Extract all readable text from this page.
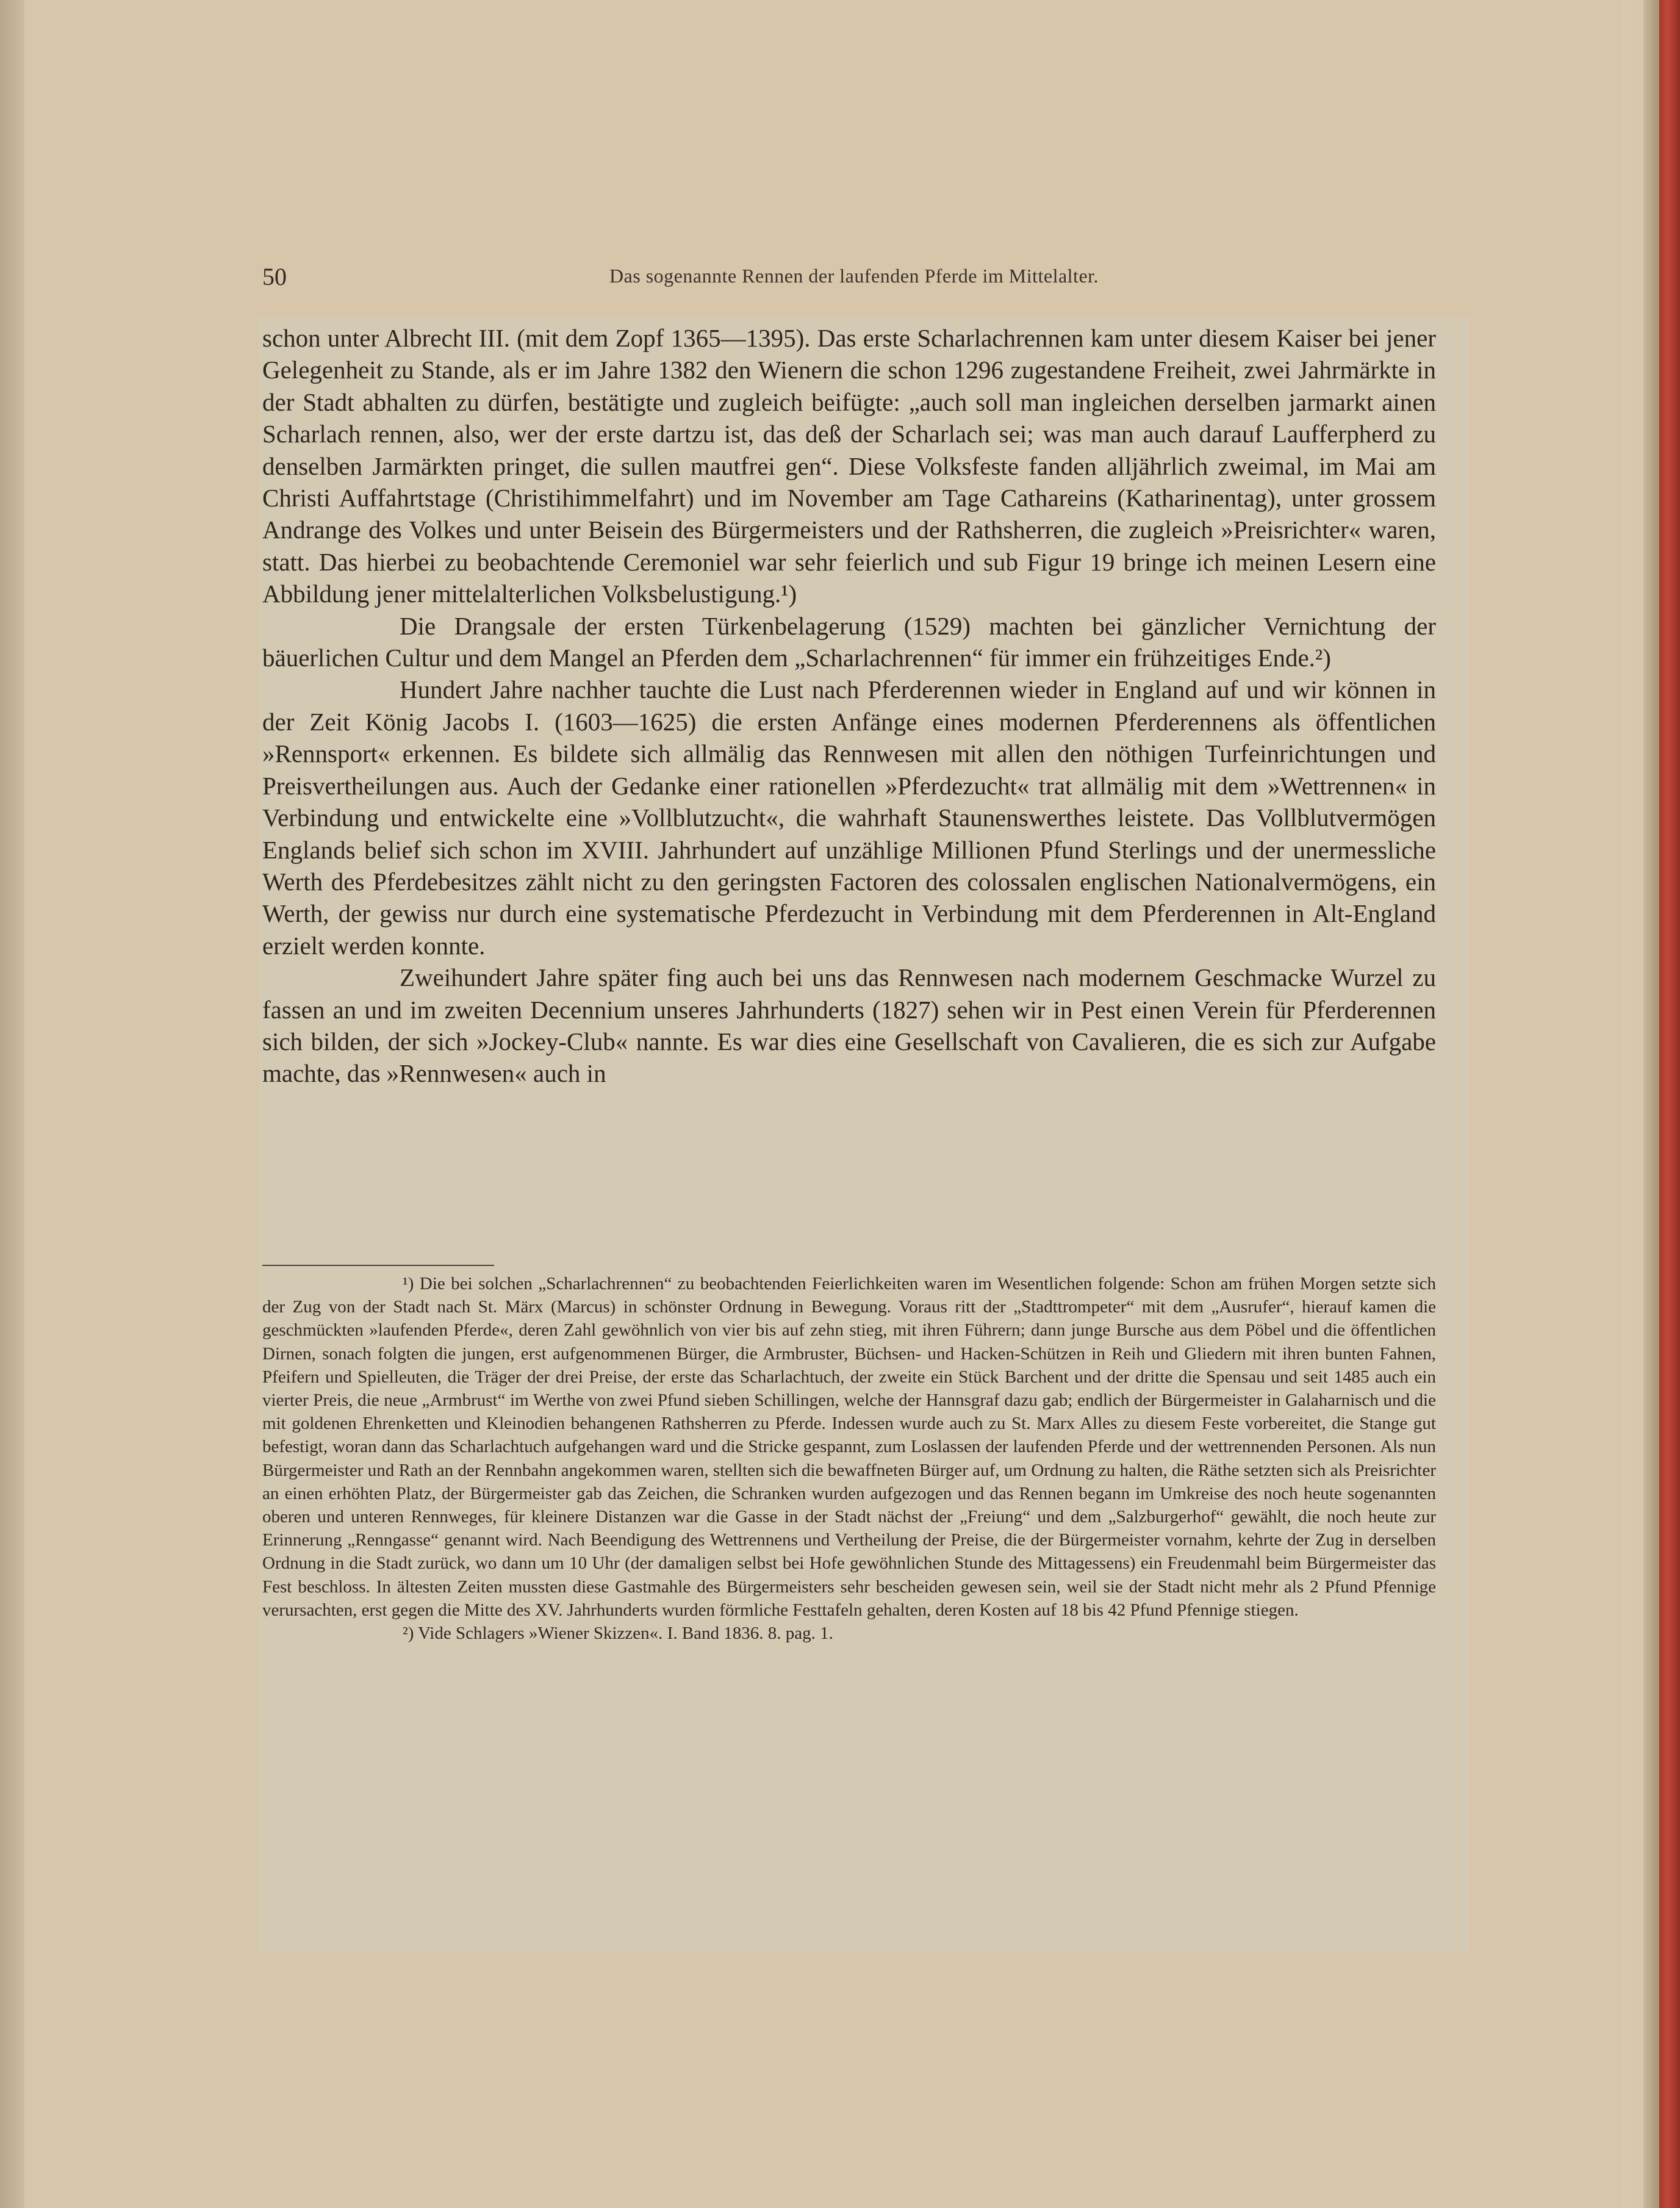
50	Das sogenannte Rennen der laufenden Pferde im Mittelalter.

schon unter Albrecht III. (mit dem Zopf 1365—1395). Das erste Scharlachrennen kam unter diesem Kaiser bei jener Gelegenheit zu Stande, als er im Jahre 1382 den Wienern die schon 1296 zugestandene Freiheit, zwei Jahrmärkte in der Stadt abhalten zu dürfen, bestätigte und zugleich beifügte: „auch soll man ingleichen derselben jarmarkt ainen Scharlach rennen, also, wer der erste dartzu ist, das deß der Scharlach sei; was man auch darauf Laufferpherd zu denselben Jarmärkten pringet, die sullen mautfrei gen“. Diese Volksfeste fanden alljährlich zweimal, im Mai am Christi Auffahrtstage (Christihimmelfahrt) und im November am Tage Cathareins (Katharinentag), unter grossem Andrange des Volkes und unter Beisein des Bürgermeisters und der Rathsherren, die zugleich »Preisrichter« waren, statt. Das hierbei zu beobachtende Ceremoniel war sehr feierlich und sub Figur 19 bringe ich meinen Lesern eine Abbildung jener mittelalterlichen Volksbelustigung.¹)

Die Drangsale der ersten Türkenbelagerung (1529) machten bei gänzlicher Vernichtung der bäuerlichen Cultur und dem Mangel an Pferden dem „Scharlachrennen“ für immer ein frühzeitiges Ende.²)

Hundert Jahre nachher tauchte die Lust nach Pferderennen wieder in England auf und wir können in der Zeit König Jacobs I. (1603—1625) die ersten Anfänge eines modernen Pferderennens als öffentlichen »Rennsport« erkennen. Es bildete sich allmälig das Rennwesen mit allen den nöthigen Turfeinrichtungen und Preisvertheilungen aus. Auch der Gedanke einer rationellen »Pferdezucht« trat allmälig mit dem »Wettrennen« in Verbindung und entwickelte eine »Vollblutzucht«, die wahrhaft Staunenswerthes leistete. Das Vollblutvermögen Englands belief sich schon im XVIII. Jahrhundert auf unzählige Millionen Pfund Sterlings und der unermessliche Werth des Pferdebesitzes zählt nicht zu den geringsten Factoren des colossalen englischen Nationalvermögens, ein Werth, der gewiss nur durch eine systematische Pferdezucht in Verbindung mit dem Pferderennen in Alt-England erzielt werden konnte.

Zweihundert Jahre später fing auch bei uns das Rennwesen nach modernem Geschmacke Wurzel zu fassen an und im zweiten Decennium unseres Jahrhunderts (1827) sehen wir in Pest einen Verein für Pferderennen sich bilden, der sich »Jockey-Club« nannte. Es war dies eine Gesellschaft von Cavalieren, die es sich zur Aufgabe machte, das »Rennwesen« auch in

¹) Die bei solchen „Scharlachrennen“ zu beobachtenden Feierlichkeiten waren im Wesentlichen folgende: Schon am frühen Morgen setzte sich der Zug von der Stadt nach St. Märx (Marcus) in schönster Ordnung in Bewegung. Voraus ritt der „Stadttrompeter“ mit dem „Ausrufer“, hierauf kamen die geschmückten »laufenden Pferde«, deren Zahl gewöhnlich von vier bis auf zehn stieg, mit ihren Führern; dann junge Bursche aus dem Pöbel und die öffentlichen Dirnen, sonach folgten die jungen, erst aufgenommenen Bürger, die Armbruster, Büchsen- und Hacken-Schützen in Reih und Gliedern mit ihren bunten Fahnen, Pfeifern und Spielleuten, die Träger der drei Preise, der erste das Scharlachtuch, der zweite ein Stück Barchent und der dritte die Spensau und seit 1485 auch ein vierter Preis, die neue „Armbrust“ im Werthe von zwei Pfund sieben Schillingen, welche der Hannsgraf dazu gab; endlich der Bürgermeister in Galaharnisch und die mit goldenen Ehrenketten und Kleinodien behangenen Rathsherren zu Pferde. Indessen wurde auch zu St. Marx Alles zu diesem Feste vorbereitet, die Stange gut befestigt, woran dann das Scharlachtuch aufgehangen ward und die Stricke gespannt, zum Loslassen der laufenden Pferde und der wettrennenden Personen. Als nun Bürgermeister und Rath an der Rennbahn angekommen waren, stellten sich die bewaffneten Bürger auf, um Ordnung zu halten, die Räthe setzten sich als Preisrichter an einen erhöhten Platz, der Bürgermeister gab das Zeichen, die Schranken wurden aufgezogen und das Rennen begann im Umkreise des noch heute sogenannten oberen und unteren Rennweges, für kleinere Distanzen war die Gasse in der Stadt nächst der „Freiung“ und dem „Salzburgerhof“ gewählt, die noch heute zur Erinnerung „Renngasse“ genannt wird. Nach Beendigung des Wettrennens und Vertheilung der Preise, die der Bürgermeister vornahm, kehrte der Zug in derselben Ordnung in die Stadt zurück, wo dann um 10 Uhr (der damaligen selbst bei Hofe gewöhnlichen Stunde des Mittagessens) ein Freudenmahl beim Bürgermeister das Fest beschloss. In ältesten Zeiten mussten diese Gastmahle des Bürgermeisters sehr bescheiden gewesen sein, weil sie der Stadt nicht mehr als 2 Pfund Pfennige verursachten, erst gegen die Mitte des XV. Jahrhunderts wurden förmliche Festtafeln gehalten, deren Kosten auf 18 bis 42 Pfund Pfennige stiegen.

²) Vide Schlagers »Wiener Skizzen«. I. Band 1836. 8. pag. 1.
